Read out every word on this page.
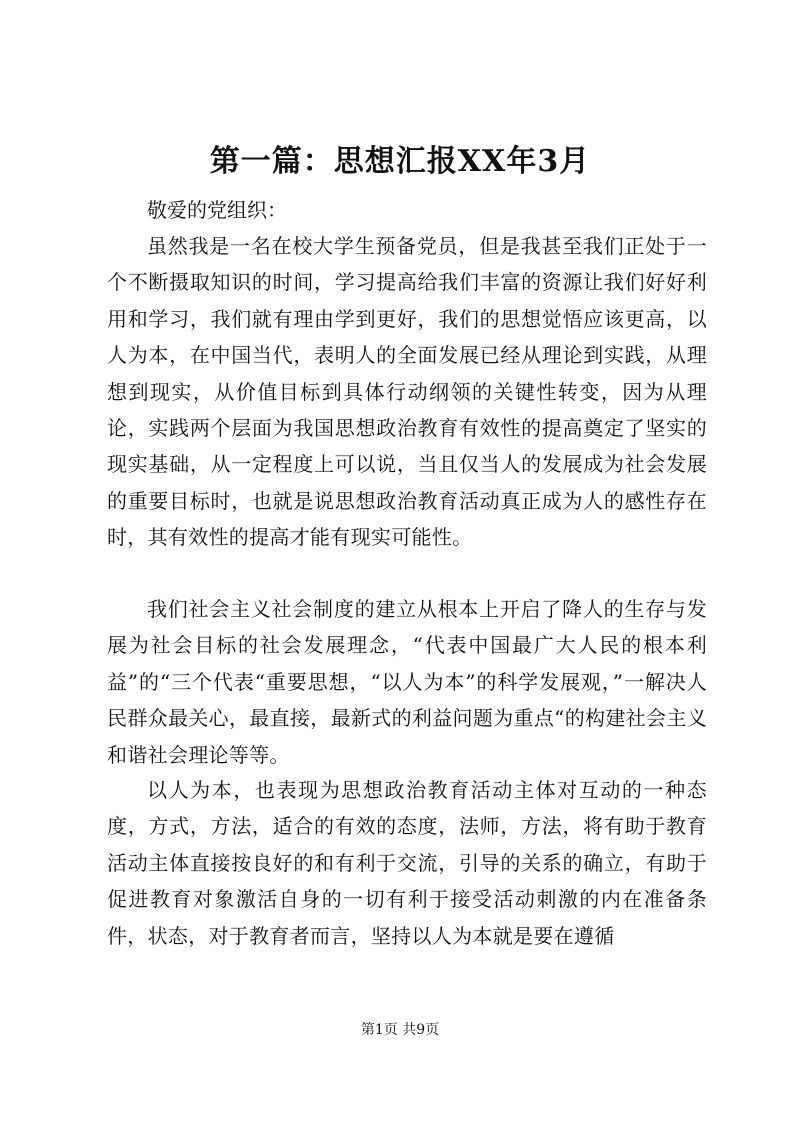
第一篇：思想汇报XX年3月

敬爱的党组织：

虽然我是一名在校大学生预备党员，但是我甚至我们正处于一个不断摄取知识的时间，学习提高给我们丰富的资源让我们好好利用和学习，我们就有理由学到更好，我们的思想觉悟应该更高，以人为本，在中国当代，表明人的全面发展已经从理论到实践，从理想到现实，从价值目标到具体行动纲领的关键性转变，因为从理论，实践两个层面为我国思想政治教育有效性的提高奠定了坚实的现实基础，从一定程度上可以说，当且仅当人的发展成为社会发展的重要目标时，也就是说思想政治教育活动真正成为人的感性存在时，其有效性的提高才能有现实可能性。

我们社会主义社会制度的建立从根本上开启了降人的生存与发展为社会目标的社会发展理念，“代表中国最广大人民的根本利益”的“三个代表“重要思想，“以人为本”的科学发展观，”一解决人民群众最关心，最直接，最新式的利益问题为重点“的构建社会主义和谐社会理论等等。

以人为本，也表现为思想政治教育活动主体对互动的一种态度，方式，方法，适合的有效的态度，法师，方法，将有助于教育活动主体直接按良好的和有利于交流，引导的关系的确立，有助于促进教育对象激活自身的一切有利于接受活动刺激的内在准备条件，状态，对于教育者而言，坚持以人为本就是要在遵循

第1页 共9页
